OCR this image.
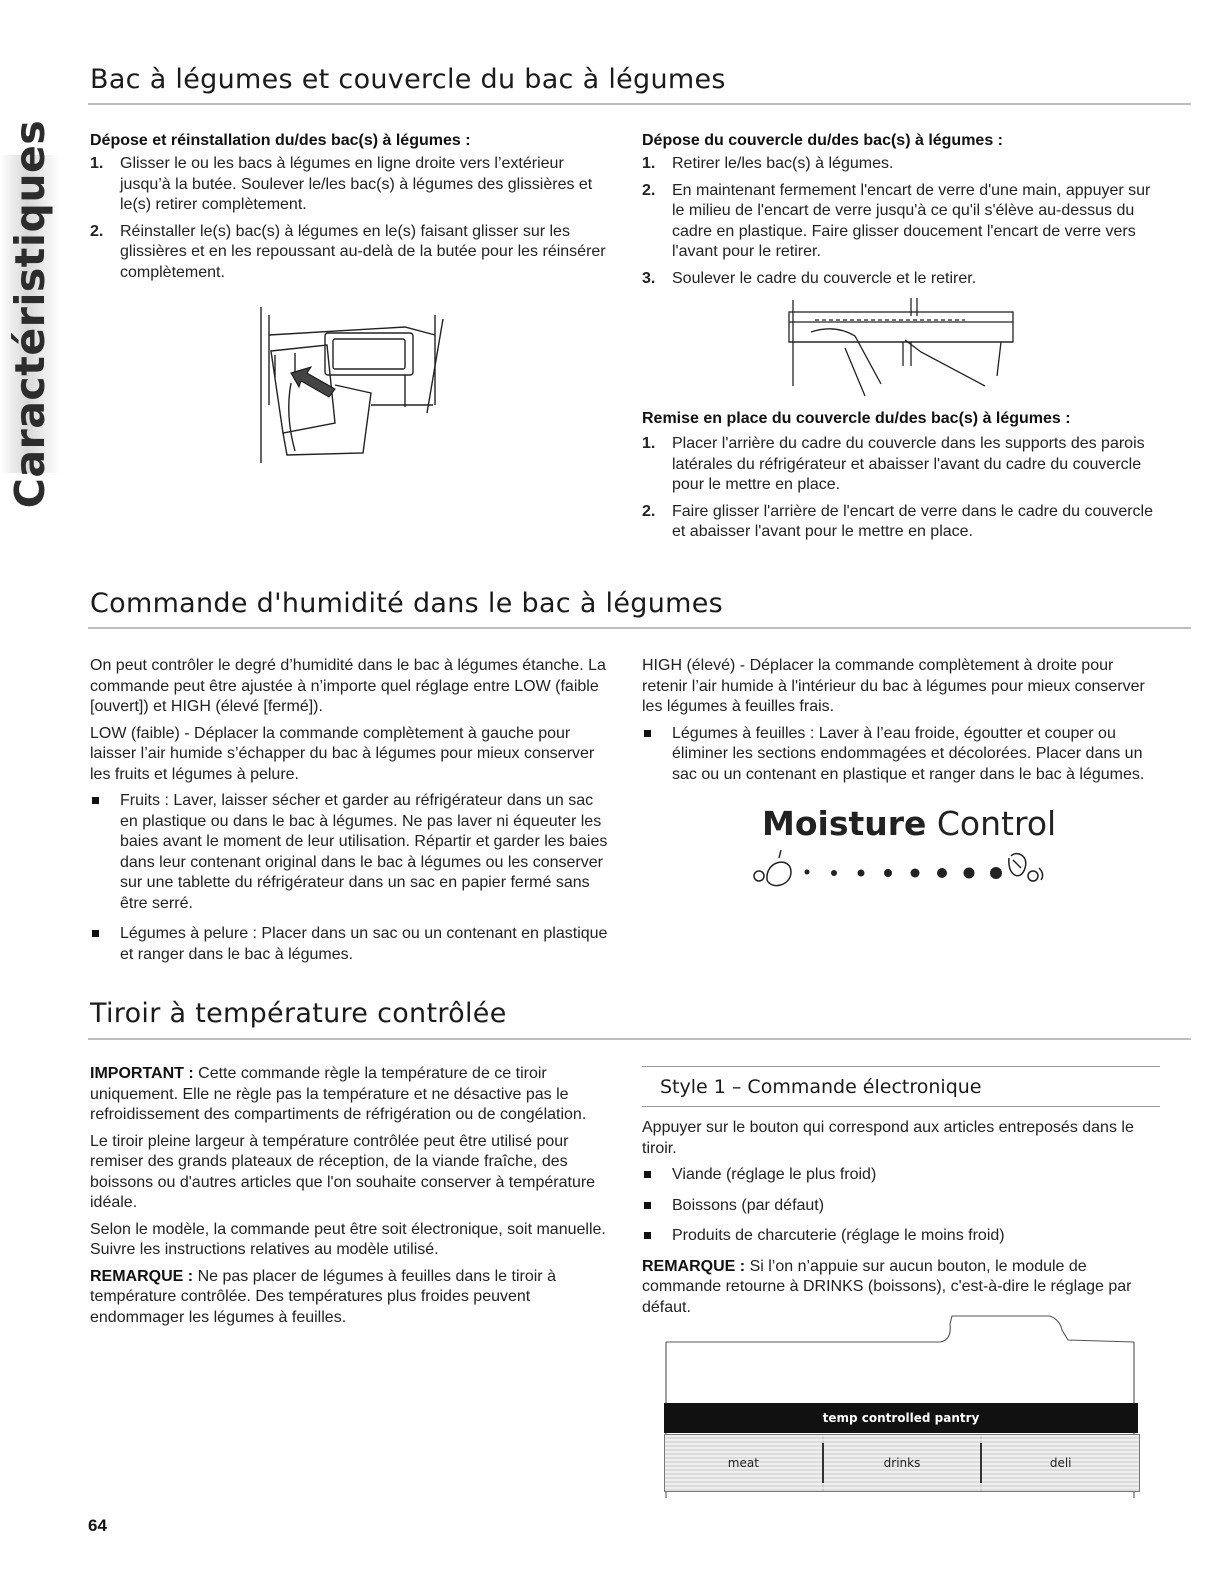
Caractéristiques
Bac à légumes et couvercle du bac à légumes
Dépose et réinstallation du/des bac(s) à légumes :
1. Glisser le ou les bacs à légumes en ligne droite vers l’extérieur jusqu’à la butée. Soulever le/les bac(s) à légumes des glissières et le(s) retirer complètement.
2. Réinstaller le(s) bac(s) à légumes en le(s) faisant glisser sur les glissières et en les repoussant au-delà de la butée pour les réinsérer complètement.
Dépose du couvercle du/des bac(s) à légumes :
1. Retirer le/les bac(s) à légumes.
2. En maintenant fermement l'encart de verre d'une main, appuyer sur le milieu de l'encart de verre jusqu'à ce qu'il s'élève au-dessus du cadre en plastique. Faire glisser doucement l'encart de verre vers l'avant pour le retirer.
3. Soulever le cadre du couvercle et le retirer.
Remise en place du couvercle du/des bac(s) à légumes :
1. Placer l'arrière du cadre du couvercle dans les supports des parois latérales du réfrigérateur et abaisser l'avant du cadre du couvercle pour le mettre en place.
2. Faire glisser l'arrière de l'encart de verre dans le cadre du couvercle et abaisser l'avant pour le mettre en place.
Commande d'humidité dans le bac à légumes

On peut contrôler le degré d’humidité dans le bac à légumes étanche. La commande peut être ajustée à n’importe quel réglage entre LOW (faible [ouvert]) et HIGH (élevé [fermé]).

LOW (faible) - Déplacer la commande complètement à gauche pour laisser l’air humide s’échapper du bac à légumes pour mieux conserver les fruits et légumes à pelure.

Fruits : Laver, laisser sécher et garder au réfrigérateur dans un sac en plastique ou dans le bac à légumes. Ne pas laver ni équeuter les baies avant le moment de leur utilisation. Répartir et garder les baies dans leur contenant original dans le bac à légumes ou les conserver sur une tablette du réfrigérateur dans un sac en papier fermé sans être serré.
Légumes à pelure : Placer dans un sac ou un contenant en plastique et ranger dans le bac à légumes.

HIGH (élevé) - Déplacer la commande complètement à droite pour retenir l’air humide à l'intérieur du bac à légumes pour mieux conserver les légumes à feuilles frais.

Légumes à feuilles : Laver à l’eau froide, égoutter et couper ou éliminer les sections endommagées et décolorées. Placer dans un sac ou un contenant en plastique et ranger dans le bac à légumes.
Moisture Control
Tiroir à température contrôlée

IMPORTANT : Cette commande règle la température de ce tiroir uniquement. Elle ne règle pas la température et ne désactive pas le refroidissement des compartiments de réfrigération ou de congélation.

Le tiroir pleine largeur à température contrôlée peut être utilisé pour remiser des grands plateaux de réception, de la viande fraîche, des boissons ou d'autres articles que l'on souhaite conserver à température idéale.

Selon le modèle, la commande peut être soit électronique, soit manuelle. Suivre les instructions relatives au modèle utilisé.

REMARQUE : Ne pas placer de légumes à feuilles dans le tiroir à température contrôlée. Des températures plus froides peuvent endommager les légumes à feuilles.

Style 1 – Commande électronique

Appuyer sur le bouton qui correspond aux articles entreposés dans le tiroir.

Viande (réglage le plus froid)
Boissons (par défaut)
Produits de charcuterie (réglage le moins froid)

REMARQUE : Si l’on n’appuie sur aucun bouton, le module de commande retourne à DRINKS (boissons), c'est-à-dire le réglage par défaut.

temp controlled pantry
meat	drinks	deli
64
